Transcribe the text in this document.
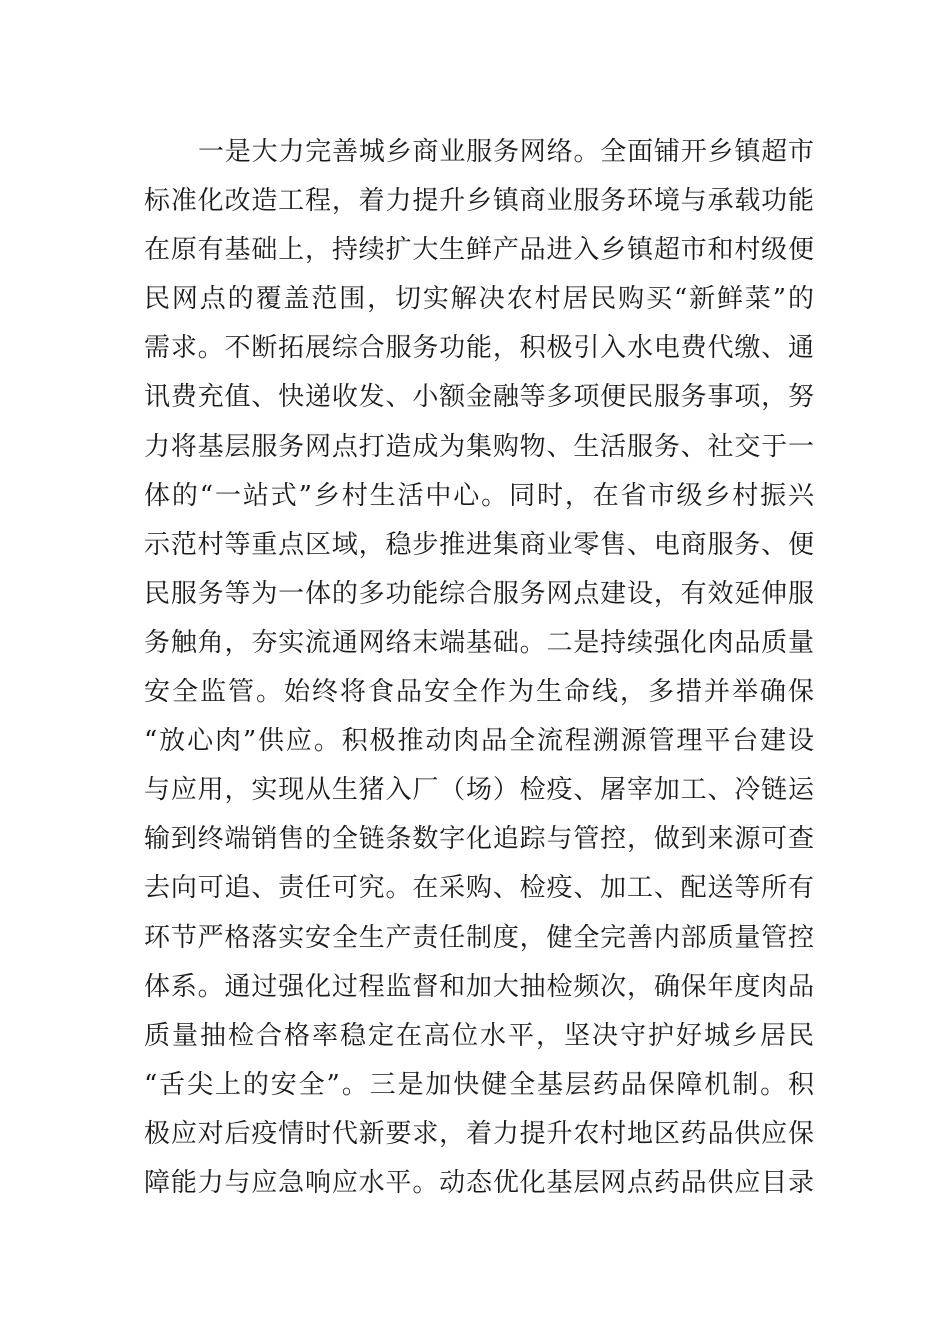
一是大力完善城乡商业服务网络。全面铺开乡镇超市
标准化改造工程，着力提升乡镇商业服务环境与承载功能
在原有基础上，持续扩大生鲜产品进入乡镇超市和村级便
民网点的覆盖范围，切实解决农村居民购买“新鲜菜”的
需求。不断拓展综合服务功能，积极引入水电费代缴、通
讯费充值、快递收发、小额金融等多项便民服务事项，努
力将基层服务网点打造成为集购物、生活服务、社交于一
体的“一站式”乡村生活中心。同时，在省市级乡村振兴
示范村等重点区域，稳步推进集商业零售、电商服务、便
民服务等为一体的多功能综合服务网点建设，有效延伸服
务触角，夯实流通网络末端基础。二是持续强化肉品质量
安全监管。始终将食品安全作为生命线，多措并举确保
“放心肉”供应。积极推动肉品全流程溯源管理平台建设
与应用，实现从生猪入厂（场）检疫、屠宰加工、冷链运
输到终端销售的全链条数字化追踪与管控，做到来源可查
去向可追、责任可究。在采购、检疫、加工、配送等所有
环节严格落实安全生产责任制度，健全完善内部质量管控
体系。通过强化过程监督和加大抽检频次，确保年度肉品
质量抽检合格率稳定在高位水平，坚决守护好城乡居民
“舌尖上的安全”。三是加快健全基层药品保障机制。积
极应对后疫情时代新要求，着力提升农村地区药品供应保
障能力与应急响应水平。动态优化基层网点药品供应目录
